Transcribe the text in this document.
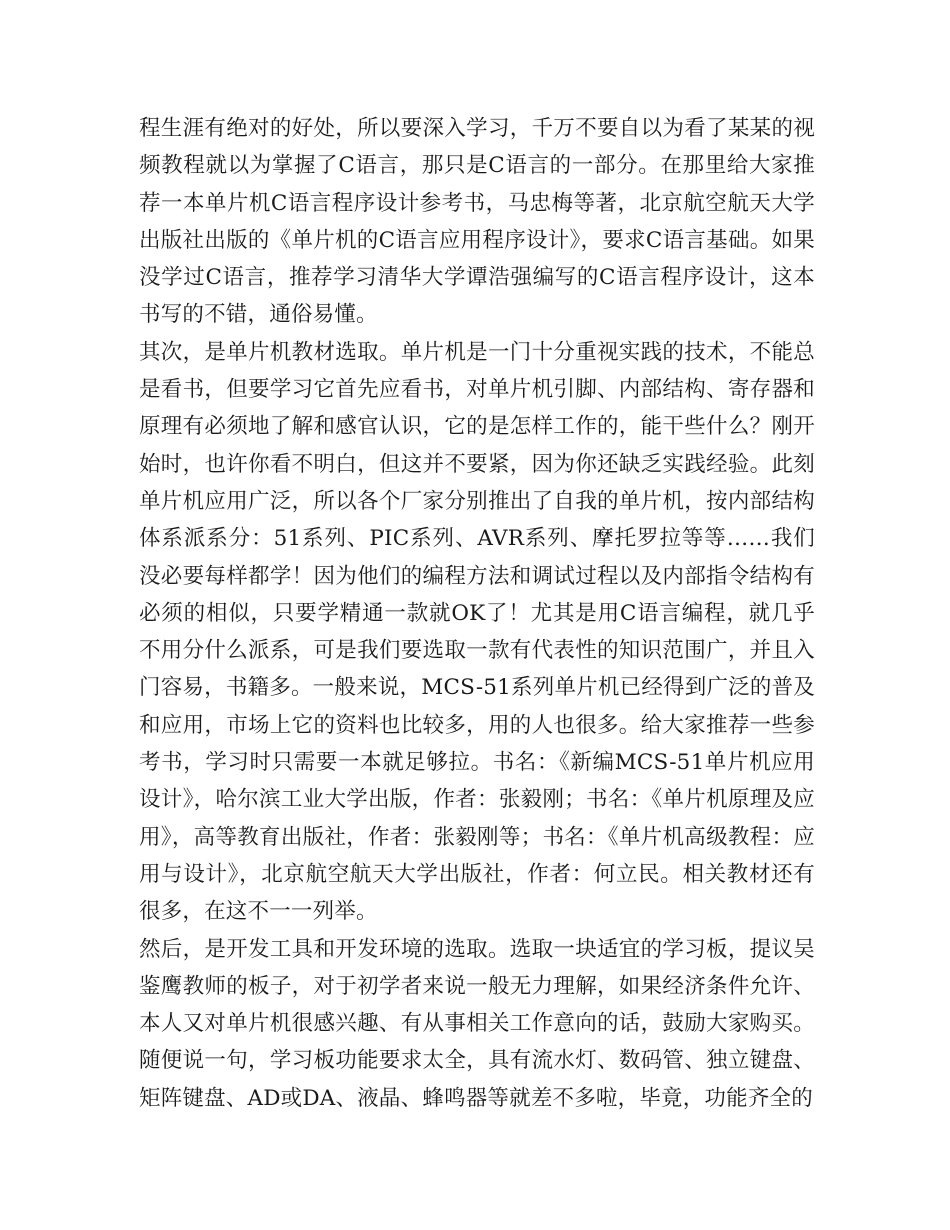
程生涯有绝对的好处，所以要深入学习，千万不要自以为看了某某的视频教程就以为掌握了C语言，那只是C语言的一部分。在那里给大家推荐一本单片机C语言程序设计参考书，马忠梅等著，北京航空航天大学出版社出版的《单片机的C语言应用程序设计》，要求C语言基础。如果没学过C语言，推荐学习清华大学谭浩强编写的C语言程序设计，这本书写的不错，通俗易懂。

其次，是单片机教材选取。单片机是一门十分重视实践的技术，不能总是看书，但要学习它首先应看书，对单片机引脚、内部结构、寄存器和原理有必须地了解和感官认识，它的是怎样工作的，能干些什么？刚开始时，也许你看不明白，但这并不要紧，因为你还缺乏实践经验。此刻单片机应用广泛，所以各个厂家分别推出了自我的单片机，按内部结构体系派系分：51系列、PIC系列、AVR系列、摩托罗拉等等……我们没必要每样都学！因为他们的编程方法和调试过程以及内部指令结构有必须的相似，只要学精通一款就OK了！尤其是用C语言编程，就几乎不用分什么派系，可是我们要选取一款有代表性的知识范围广，并且入门容易，书籍多。一般来说，MCS-51系列单片机已经得到广泛的普及和应用，市场上它的资料也比较多，用的人也很多。给大家推荐一些参考书，学习时只需要一本就足够拉。书名：《新编MCS-51单片机应用设计》，哈尔滨工业大学出版，作者：张毅刚；书名：《单片机原理及应用》，高等教育出版社，作者：张毅刚等；书名：《单片机高级教程：应用与设计》，北京航空航天大学出版社，作者：何立民。相关教材还有很多，在这不一一列举。

然后，是开发工具和开发环境的选取。选取一块适宜的学习板，提议吴鉴鹰教师的板子，对于初学者来说一般无力理解，如果经济条件允许、本人又对单片机很感兴趣、有从事相关工作意向的话，鼓励大家购买。随便说一句，学习板功能要求太全，具有流水灯、数码管、独立键盘、矩阵键盘、AD或DA、液晶、蜂鸣器等就差不多啦，毕竟，功能齐全的
